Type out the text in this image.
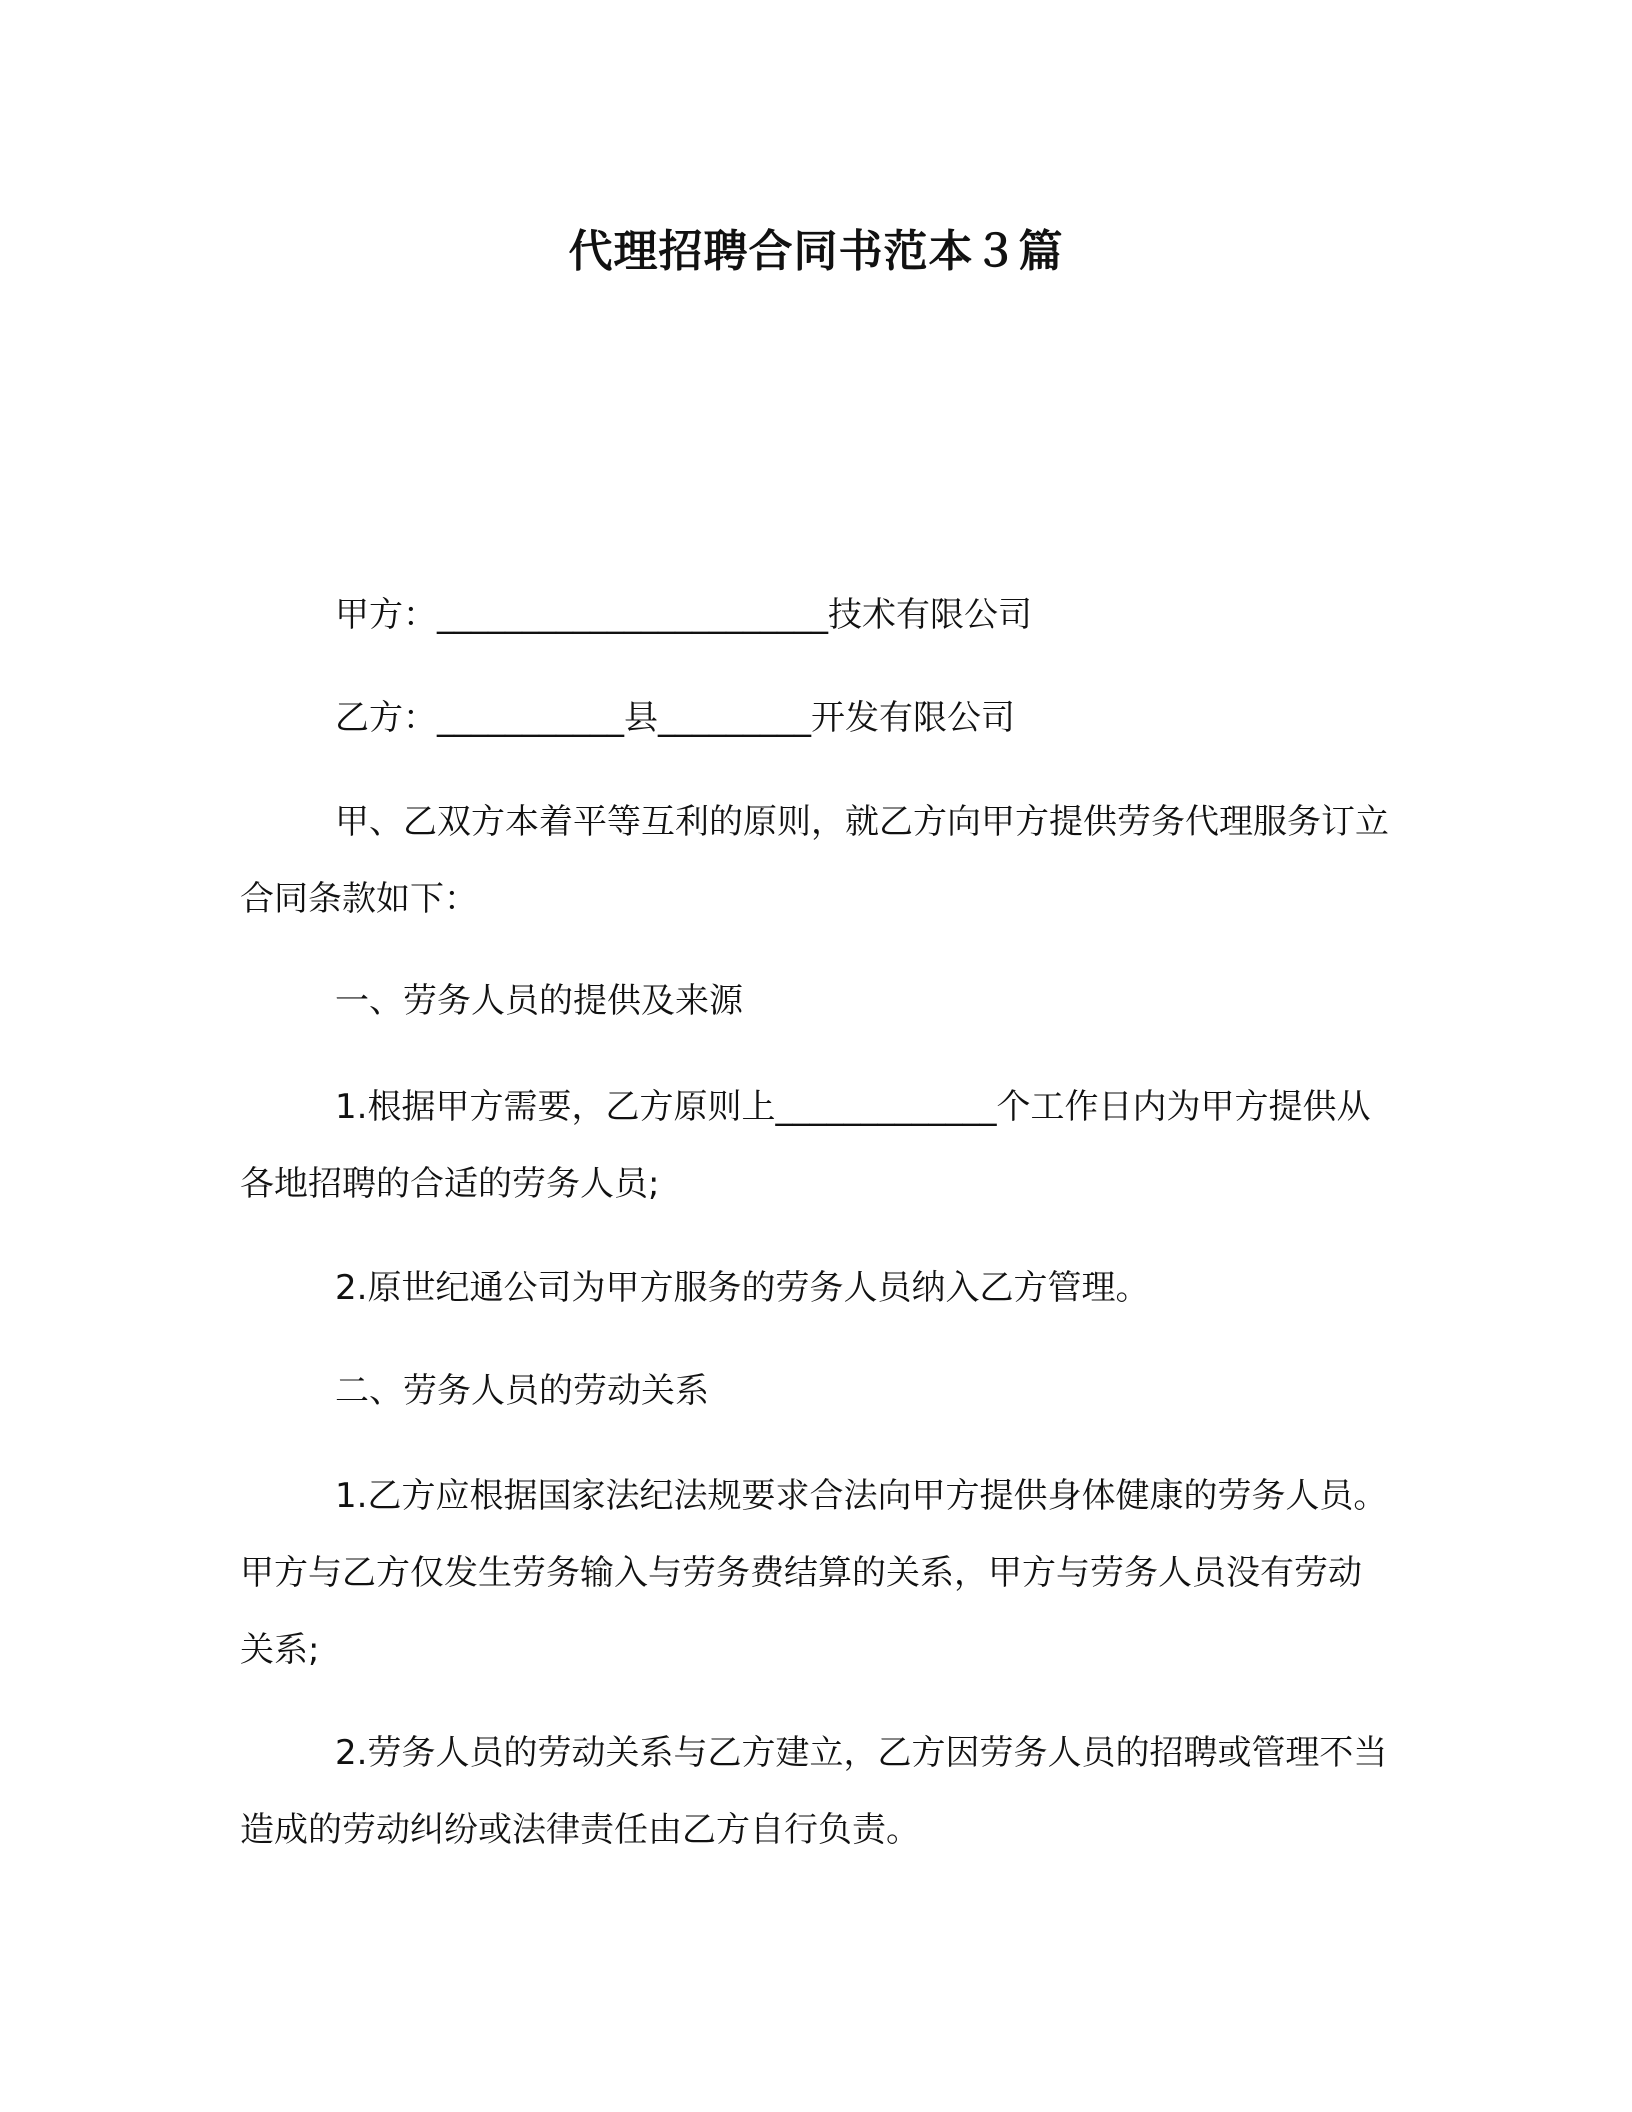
代理招聘合同书范本３篇
甲方：_______________________技术有限公司
乙方：___________县_________开发有限公司

甲、乙双方本着平等互利的原则，就乙方向甲方提供劳务代理服务订立合同条款如下：

一、劳务人员的提供及来源

1.根据甲方需要，乙方原则上_____________个工作日内为甲方提供从各地招聘的合适的劳务人员;

2.原世纪通公司为甲方服务的劳务人员纳入乙方管理。
二、劳务人员的劳动关系

1.乙方应根据国家法纪法规要求合法向甲方提供身体健康的劳务人员。甲方与乙方仅发生劳务输入与劳务费结算的关系，甲方与劳务人员没有劳动关系;

2.劳务人员的劳动关系与乙方建立，乙方因劳务人员的招聘或管理不当造成的劳动纠纷或法律责任由乙方自行负责。
